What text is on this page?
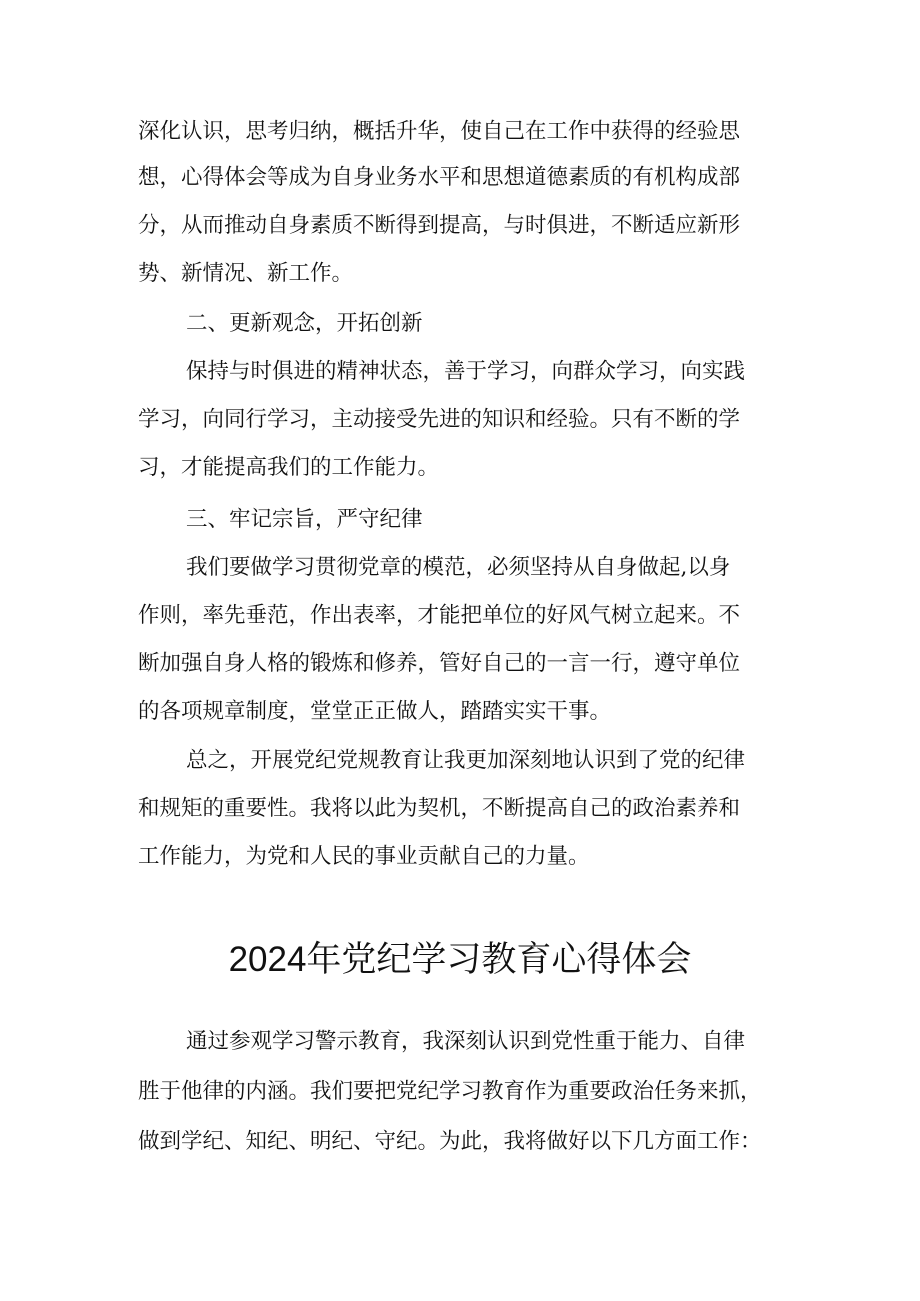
深化认识，思考归纳，概括升华，使自己在工作中获得的经验思
想，心得体会等成为自身业务水平和思想道德素质的有机构成部
分，从而推动自身素质不断得到提高，与时俱进，不断适应新形
势、新情况、新工作。
二、更新观念，开拓创新
保持与时俱进的精神状态，善于学习，向群众学习，向实践
学习，向同行学习，主动接受先进的知识和经验。只有不断的学
习，才能提高我们的工作能力。
三、牢记宗旨，严守纪律
我们要做学习贯彻党章的模范，必须坚持从自身做起,以身
作则，率先垂范，作出表率，才能把单位的好风气树立起来。不
断加强自身人格的锻炼和修养，管好自己的一言一行，遵守单位
的各项规章制度，堂堂正正做人，踏踏实实干事。
总之，开展党纪党规教育让我更加深刻地认识到了党的纪律
和规矩的重要性。我将以此为契机，不断提高自己的政治素养和
工作能力，为党和人民的事业贡献自己的力量。
2024年党纪学习教育心得体会
通过参观学习警示教育，我深刻认识到党性重于能力、自律
胜于他律的内涵。我们要把党纪学习教育作为重要政治任务来抓，
做到学纪、知纪、明纪、守纪。为此，我将做好以下几方面工作：
